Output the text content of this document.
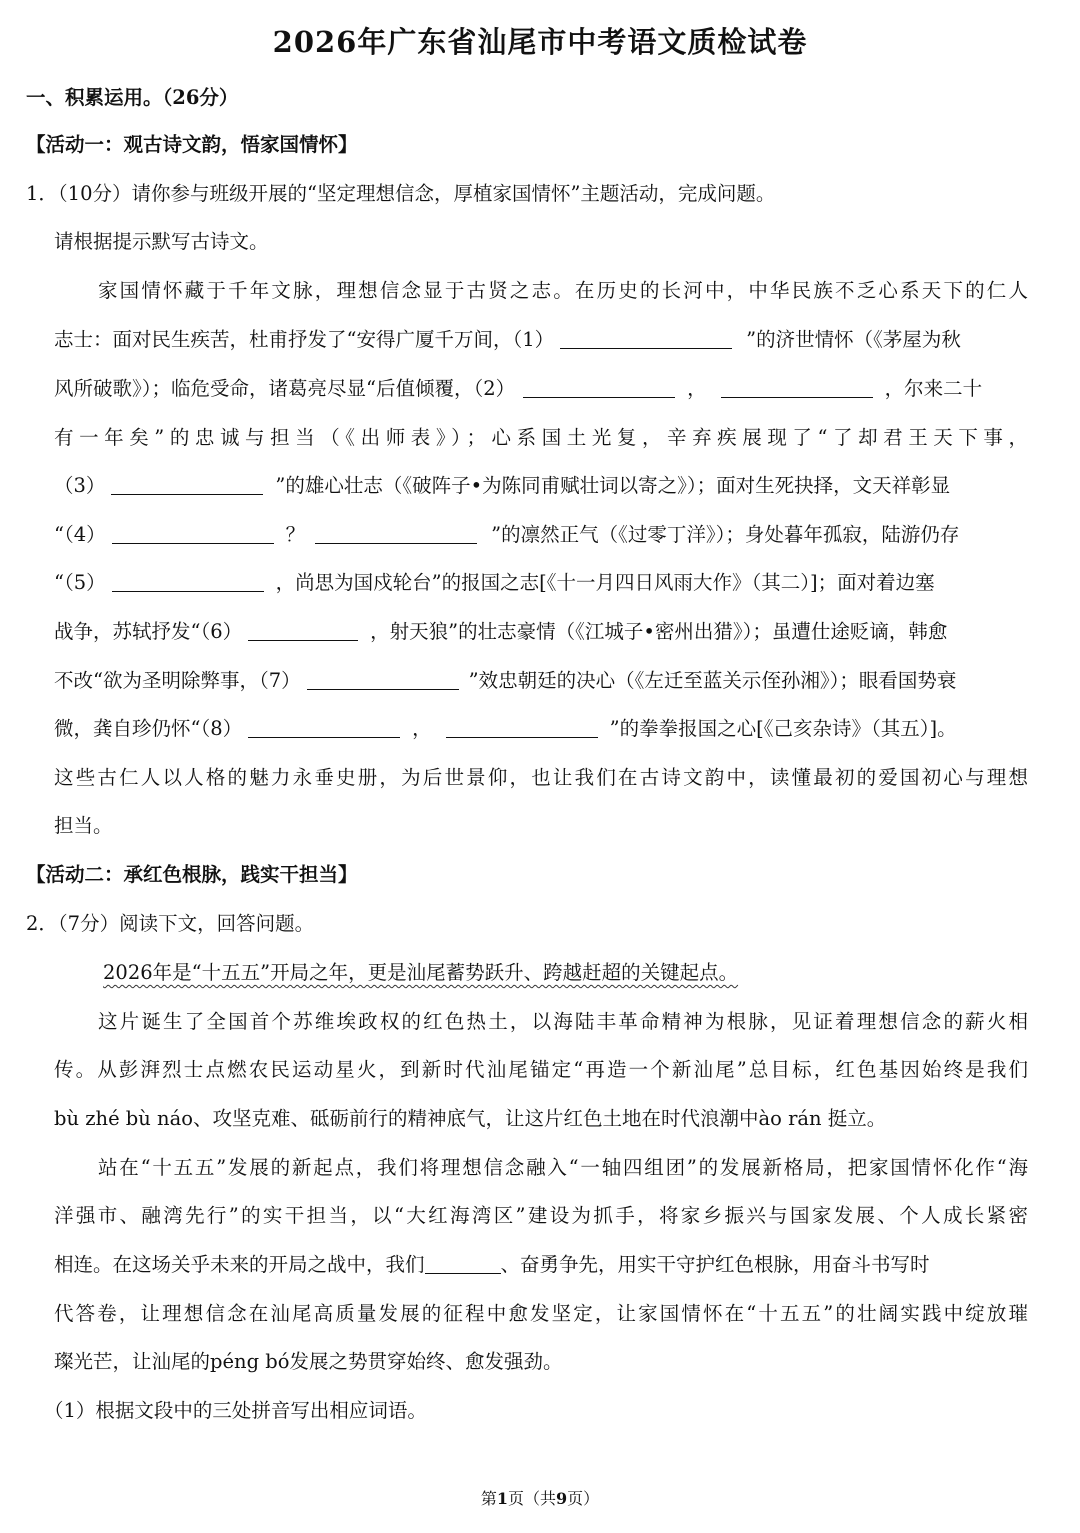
2026年广东省汕尾市中考语文质检试卷
一、积累运用。（26分）
【活动一：观古诗文韵，悟家国情怀】
1．（10分）请你参与班级开展的“坚定理想信念，厚植家国情怀”主题活动，完成问题。
请根据提示默写古诗文。
家国情怀藏于千年文脉，理想信念显于古贤之志。在历史的长河中，中华民族不乏心系天下的仁人
志士：面对民生疾苦，杜甫抒发了“安得广厦千万间，（1）	”的济世情怀（《茅屋为秋
风所破歌》）；临危受命，诸葛亮尽显“后值倾覆，（2）	，	，尔来二十
有一年矣”的忠诚与担当（《出师表》）；心系国土光复，辛弃疾展现了“了却君王天下事，
（3）	”的雄心壮志（《破阵子•为陈同甫赋壮词以寄之》）；面对生死抉择，文天祥彰显
“（4）	？	”的凛然正气（《过零丁洋》）；身处暮年孤寂，陆游仍存
“（5）	，尚思为国戍轮台”的报国之志[《十一月四日风雨大作》（其二）]；面对着边塞
战争，苏轼抒发“（6）	，射天狼”的壮志豪情（《江城子•密州出猎》）；虽遭仕途贬谪，韩愈
不改“欲为圣明除弊事，（7）	”效忠朝廷的决心（《左迁至蓝关示侄孙湘》）；眼看国势衰
微，龚自珍仍怀“（8）	，	”的拳拳报国之心[《己亥杂诗》（其五）]。
这些古仁人以人格的魅力永垂史册，为后世景仰，也让我们在古诗文韵中，读懂最初的爱国初心与理想
担当。
【活动二：承红色根脉，践实干担当】
2．（7分）阅读下文，回答问题。
2026年是“十五五”开局之年，更是汕尾蓄势跃升、跨越赶超的关键起点。
这片诞生了全国首个苏维埃政权的红色热土，以海陆丰革命精神为根脉，见证着理想信念的薪火相
传。从彭湃烈士点燃农民运动星火，到新时代汕尾锚定“再造一个新汕尾”总目标，红色基因始终是我们
bù zhé bù náo、攻坚克难、砥砺前行的精神底气，让这片红色土地在时代浪潮中ào rán 挺立。
站在“十五五”发展的新起点，我们将理想信念融入“一轴四组团”的发展新格局，把家国情怀化作“海
洋强市、融湾先行”的实干担当，以“大红海湾区”建设为抓手，将家乡振兴与国家发展、个人成长紧密
相连。在这场关乎未来的开局之战中，我们	、奋勇争先，用实干守护红色根脉，用奋斗书写时
代答卷，让理想信念在汕尾高质量发展的征程中愈发坚定，让家国情怀在“十五五”的壮阔实践中绽放璀
璨光芒，让汕尾的péng bó发展之势贯穿始终、愈发强劲。
（1）根据文段中的三处拼音写出相应词语。
第1页（共9页）
